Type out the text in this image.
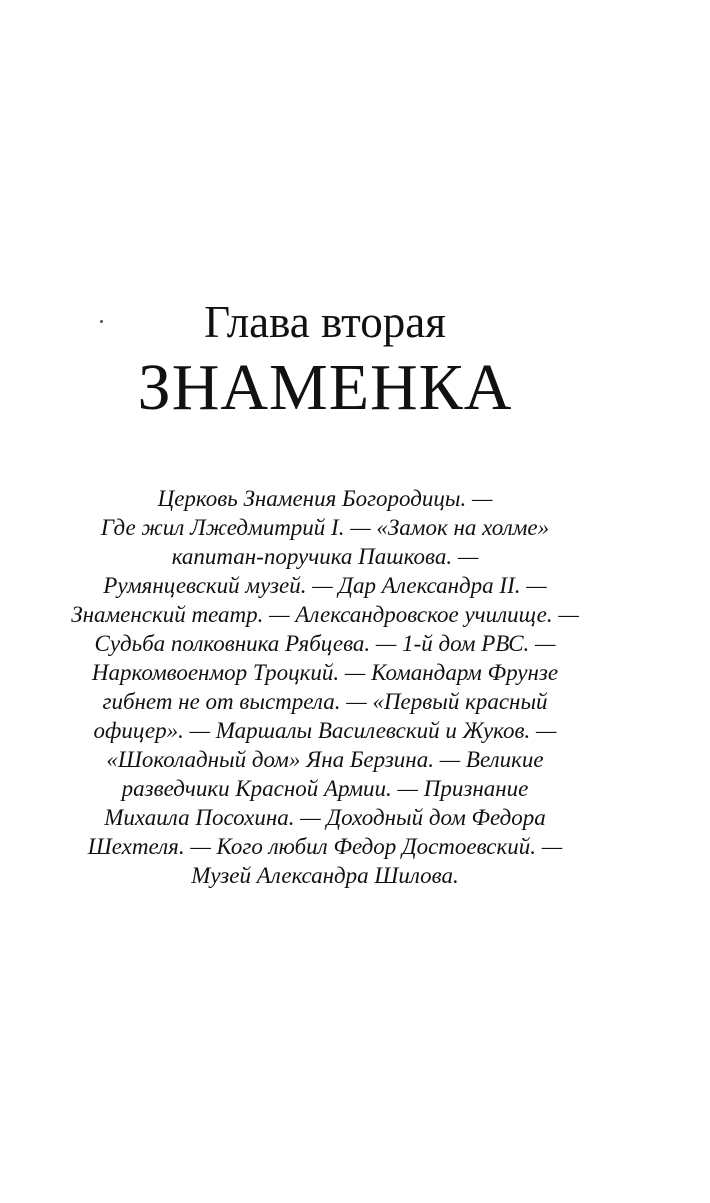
Глава вторая
ЗНАМЕНКА
Церковь Знамения Богородицы. —
Где жил Лжедмитрий I. — «Замок на холме»
капитан-поручика Пашкова. —
Румянцевский музей. — Дар Александра II. —
Знаменский театр. — Александровское училище. —
Судьба полковника Рябцева. — 1-й дом РВС. —
Наркомвоенмор Троцкий. — Командарм Фрунзе
гибнет не от выстрела. — «Первый красный
офицер». — Маршалы Василевский и Жуков. —
«Шоколадный дом» Яна Берзина. — Великие
разведчики Красной Армии. — Признание
Михаила Посохина. — Доходный дом Федора
Шехтеля. — Кого любил Федор Достоевский. —
Музей Александра Шилова.
